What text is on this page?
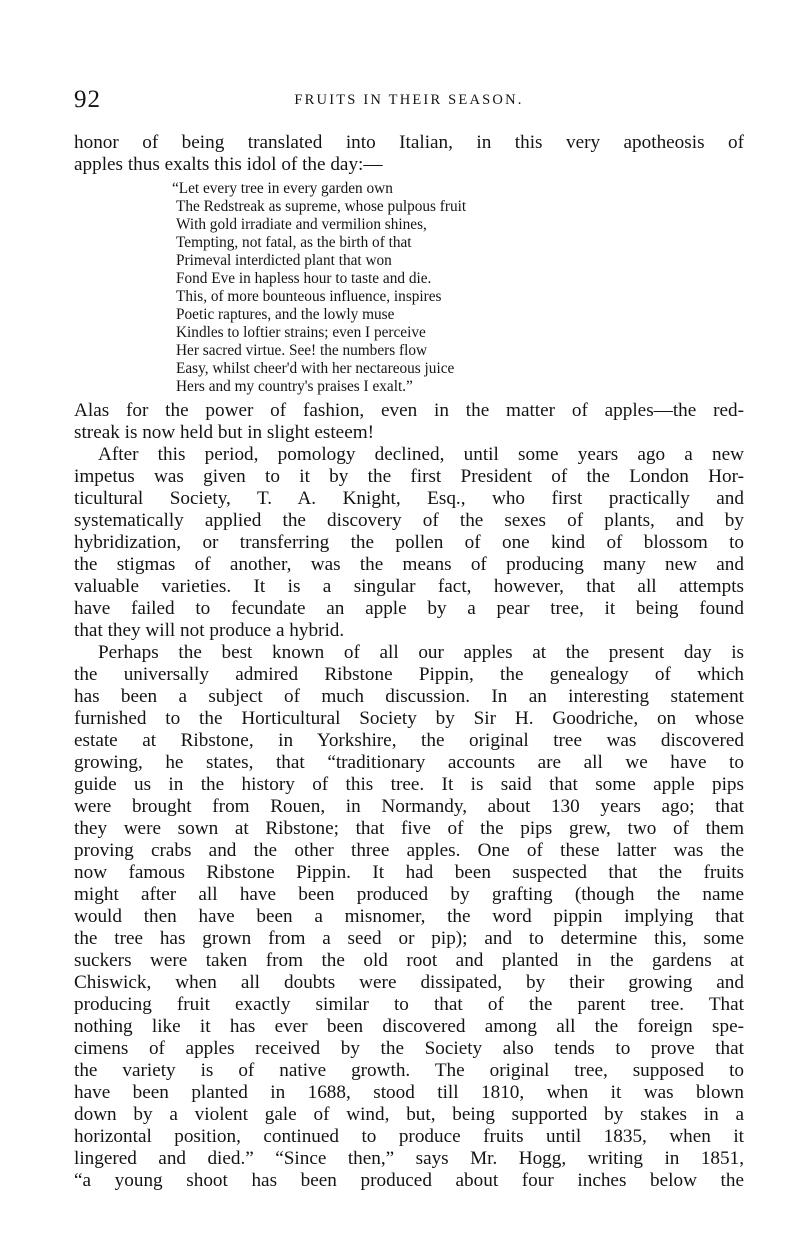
92	FRUITS IN THEIR SEASON.
honor of being translated into Italian, in this very apotheosis of
apples thus exalts this idol of the day:—
“Let every tree in every garden own
The Redstreak as supreme, whose pulpous fruit
With gold irradiate and vermilion shines,
Tempting, not fatal, as the birth of that
Primeval interdicted plant that won
Fond Eve in hapless hour to taste and die.
This, of more bounteous influence, inspires
Poetic raptures, and the lowly muse
Kindles to loftier strains; even I perceive
Her sacred virtue. See! the numbers flow
Easy, whilst cheer'd with her nectareous juice
Hers and my country's praises I exalt.”
Alas for the power of fashion, even in the matter of apples—the red-
streak is now held but in slight esteem!
After this period, pomology declined, until some years ago a new
impetus was given to it by the first President of the London Hor-
ticultural Society, T. A. Knight, Esq., who first practically and
systematically applied the discovery of the sexes of plants, and by
hybridization, or transferring the pollen of one kind of blossom to
the stigmas of another, was the means of producing many new and
valuable varieties. It is a singular fact, however, that all attempts
have failed to fecundate an apple by a pear tree, it being found
that they will not produce a hybrid.
Perhaps the best known of all our apples at the present day is
the universally admired Ribstone Pippin, the genealogy of which
has been a subject of much discussion. In an interesting statement
furnished to the Horticultural Society by Sir H. Goodriche, on whose
estate at Ribstone, in Yorkshire, the original tree was discovered
growing, he states, that “traditionary accounts are all we have to
guide us in the history of this tree. It is said that some apple pips
were brought from Rouen, in Normandy, about 130 years ago; that
they were sown at Ribstone; that five of the pips grew, two of them
proving crabs and the other three apples. One of these latter was the
now famous Ribstone Pippin. It had been suspected that the fruits
might after all have been produced by grafting (though the name
would then have been a misnomer, the word pippin implying that
the tree has grown from a seed or pip); and to determine this, some
suckers were taken from the old root and planted in the gardens at
Chiswick, when all doubts were dissipated, by their growing and
producing fruit exactly similar to that of the parent tree. That
nothing like it has ever been discovered among all the foreign spe-
cimens of apples received by the Society also tends to prove that
the variety is of native growth. The original tree, supposed to
have been planted in 1688, stood till 1810, when it was blown
down by a violent gale of wind, but, being supported by stakes in a
horizontal position, continued to produce fruits until 1835, when it
lingered and died.” “Since then,” says Mr. Hogg, writing in 1851,
“a young shoot has been produced about four inches below the
